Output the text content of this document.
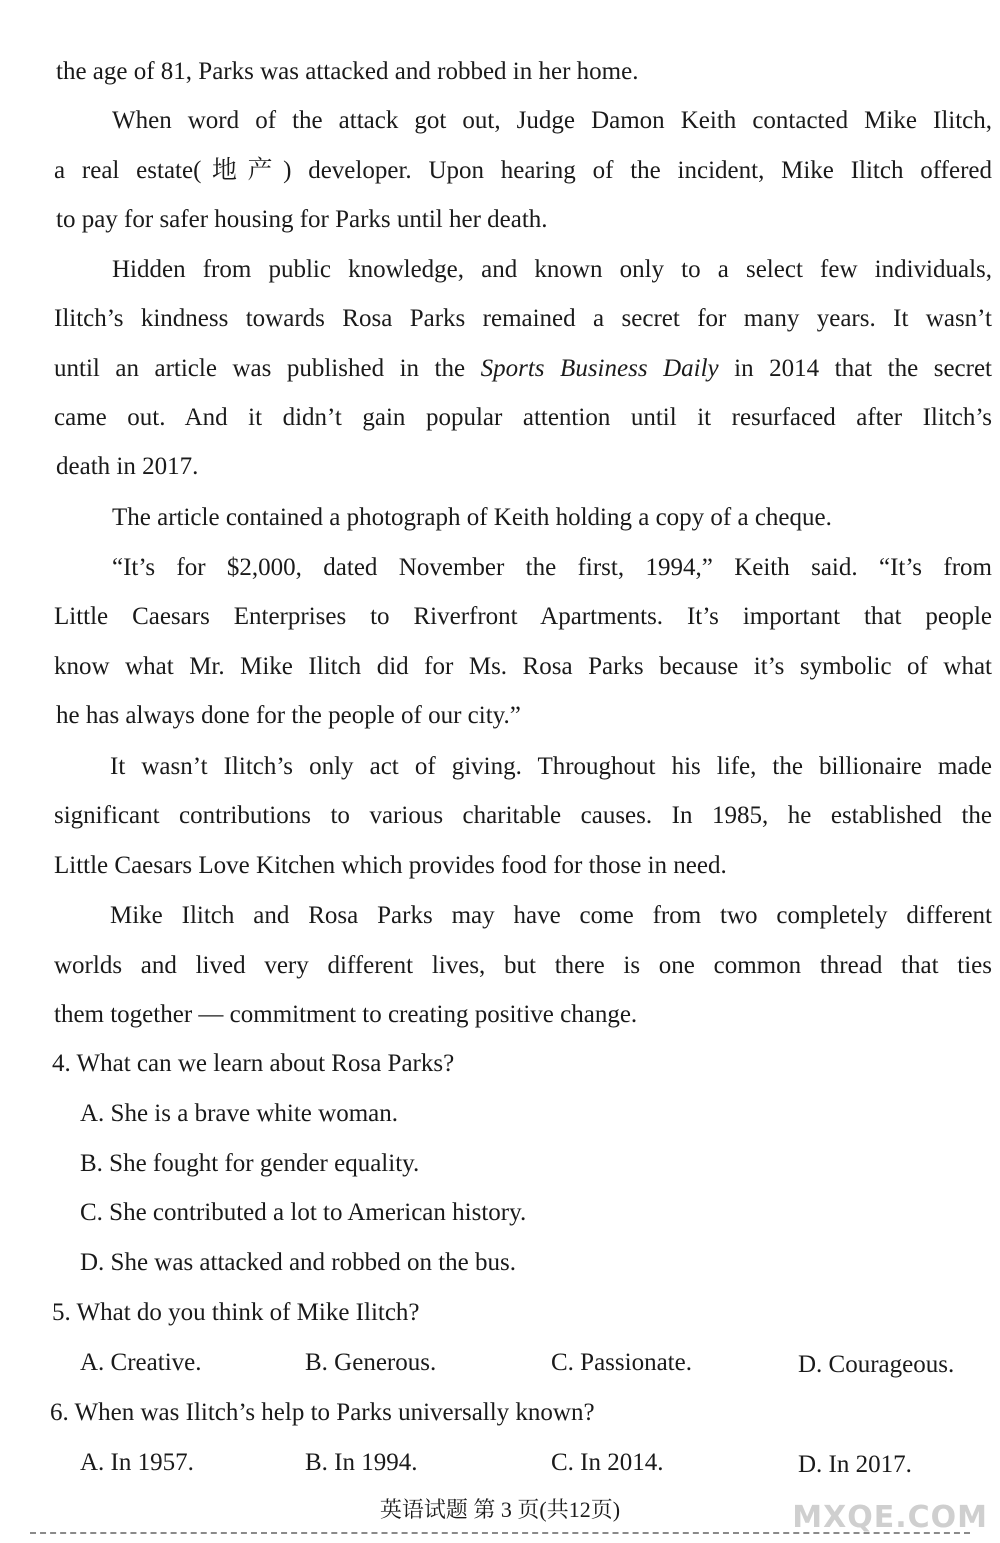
the age of 81, Parks was attacked and robbed in her home.
When word of the attack got out, Judge Damon Keith contacted Mike Ilitch,
a real estate(地产) developer. Upon hearing of the incident, Mike Ilitch offered
to pay for safer housing for Parks until her death.
Hidden from public knowledge, and known only to a select few individuals,
Ilitch’s kindness towards Rosa Parks remained a secret for many years. It wasn’t
until an article was published in the Sports Business Daily in 2014 that the secret
came out. And it didn’t gain popular attention until it resurfaced after Ilitch’s
death in 2017.
The article contained a photograph of Keith holding a copy of a cheque.
“It’s for $2,000, dated November the first, 1994,” Keith said. “It’s from
Little Caesars Enterprises to Riverfront Apartments. It’s important that people
know what Mr. Mike Ilitch did for Ms. Rosa Parks because it’s symbolic of what
he has always done for the people of our city.”
It wasn’t Ilitch’s only act of giving. Throughout his life, the billionaire made
significant contributions to various charitable causes. In 1985, he established the
Little Caesars Love Kitchen which provides food for those in need.
Mike Ilitch and Rosa Parks may have come from two completely different
worlds and lived very different lives, but there is one common thread that ties
them together — commitment to creating positive change.
4. What can we learn about Rosa Parks?
A. She is a brave white woman.
B. She fought for gender equality.
C. She contributed a lot to American history.
D. She was attacked and robbed on the bus.
5. What do you think of Mike Ilitch?
A. Creative.	B. Generous.	C. Passionate.	D. Courageous.
6. When was Ilitch’s help to Parks universally known?
A. In 1957.	B. In 1994.	C. In 2014.	D. In 2017.
英语试题 第 3 页(共12页)	MXQE.COM
